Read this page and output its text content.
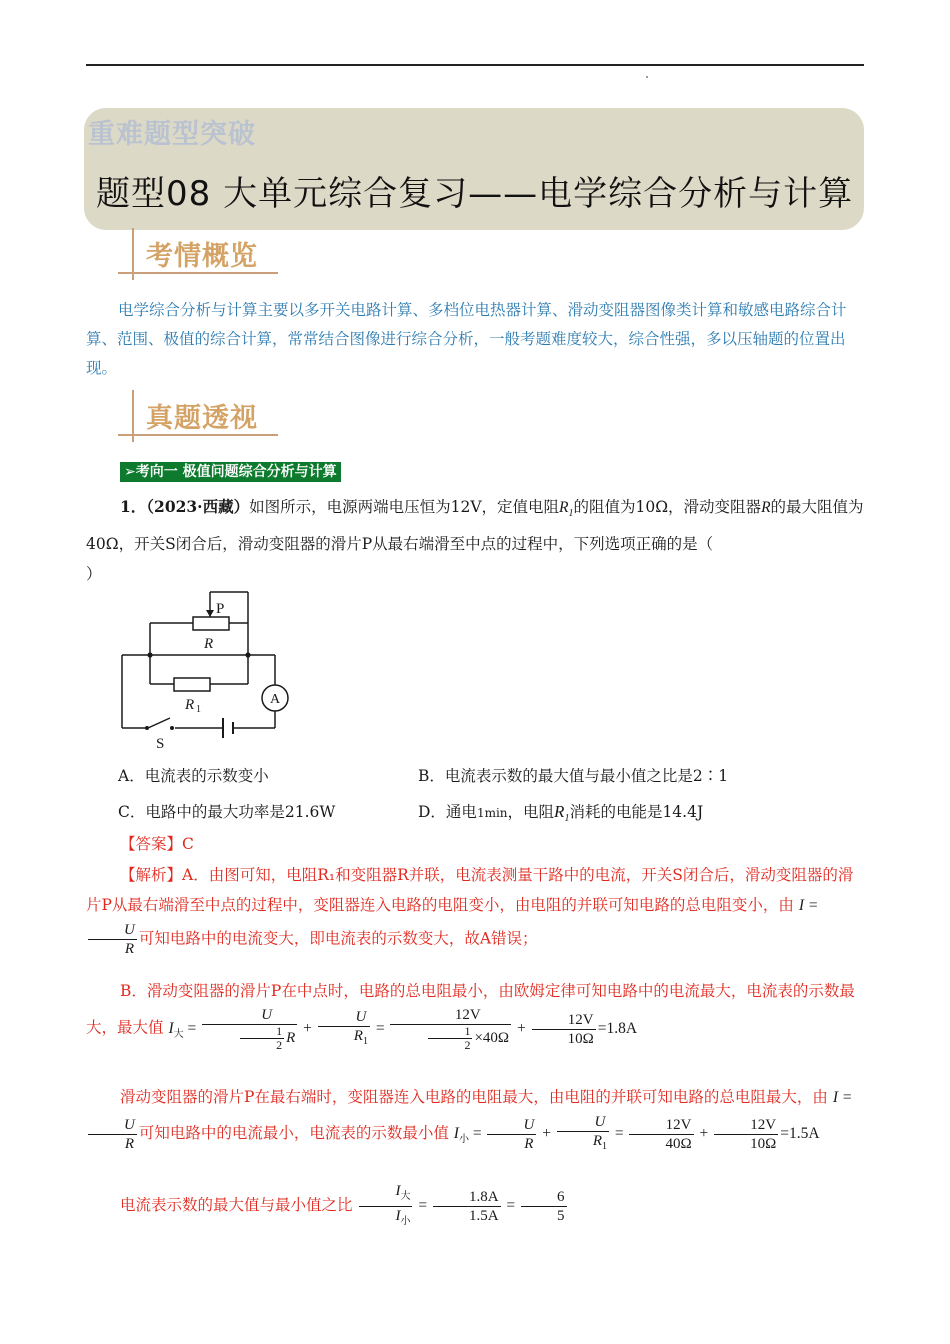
重难题型突破
题型08 大单元综合复习——电学综合分析与计算
考情概览
电学综合分析与计算主要以多开关电路计算、多档位电热器计算、滑动变阻器图像类计算和敏感电路综合计算、范围、极值的综合计算，常常结合图像进行综合分析，一般考题难度较大，综合性强，多以压轴题的位置出现。
真题透视
➢考向一 极值问题综合分析与计算
1．（2023·西藏）如图所示，电源两端电压恒为12V，定值电阻$R_1$的阻值为10Ω，滑动变阻器R的最大阻值为40Ω，开关S闭合后，滑动变阻器的滑片P从最右端滑至中点的过程中，下列选项正确的是（
）
P
R
R 1
A
S
A．电流表的示数变小	B．电流表示数的最大值与最小值之比是2∶1
C．电路中的最大功率是21.6W	D．通电1min，电阻$R_1$消耗的电能是14.4J
【答案】C
【解析】A．由图可知，电阻R₁和变阻器R并联，电流表测量干路中的电流，开关S闭合后，滑动变阻器的滑片P从最右端滑至中点的过程中，变阻器连入电路的电阻变小，由电阻的并联可知电路的总电阻变小，由 I =
$\frac{U}{R}$ 可知电路中的电流变大，即电流表的示数变大，故A错误；
B．滑动变阻器的滑片P在中点时，电路的总电阻最小，由欧姆定律可知电路中的电流最大，电流表的示数最大，最大值 $I_大 = \frac{U}{\frac{1}{2} R} + \frac{U}{R_1} = \frac{12V}{\frac{1}{2} \times 40\Omega} + \frac{12V}{10\Omega} =1.8A$
滑动变阻器的滑片P在最右端时，变阻器连入电路的电阻最大，由电阻的并联可知电路的总电阻最大，由 I =
$\frac{U}{R}$ 可知电路中的电流最小，电流表的示数最小值 $I_小 = \frac{U}{R} + \frac{U}{R_1} = \frac{12V}{40\Omega} + \frac{12V}{10\Omega} =1.5A$
电流表示数的最大值与最小值之比 $\frac{I_大}{I_小} = \frac{1.8A}{1.5A} = \frac{6}{5}$
